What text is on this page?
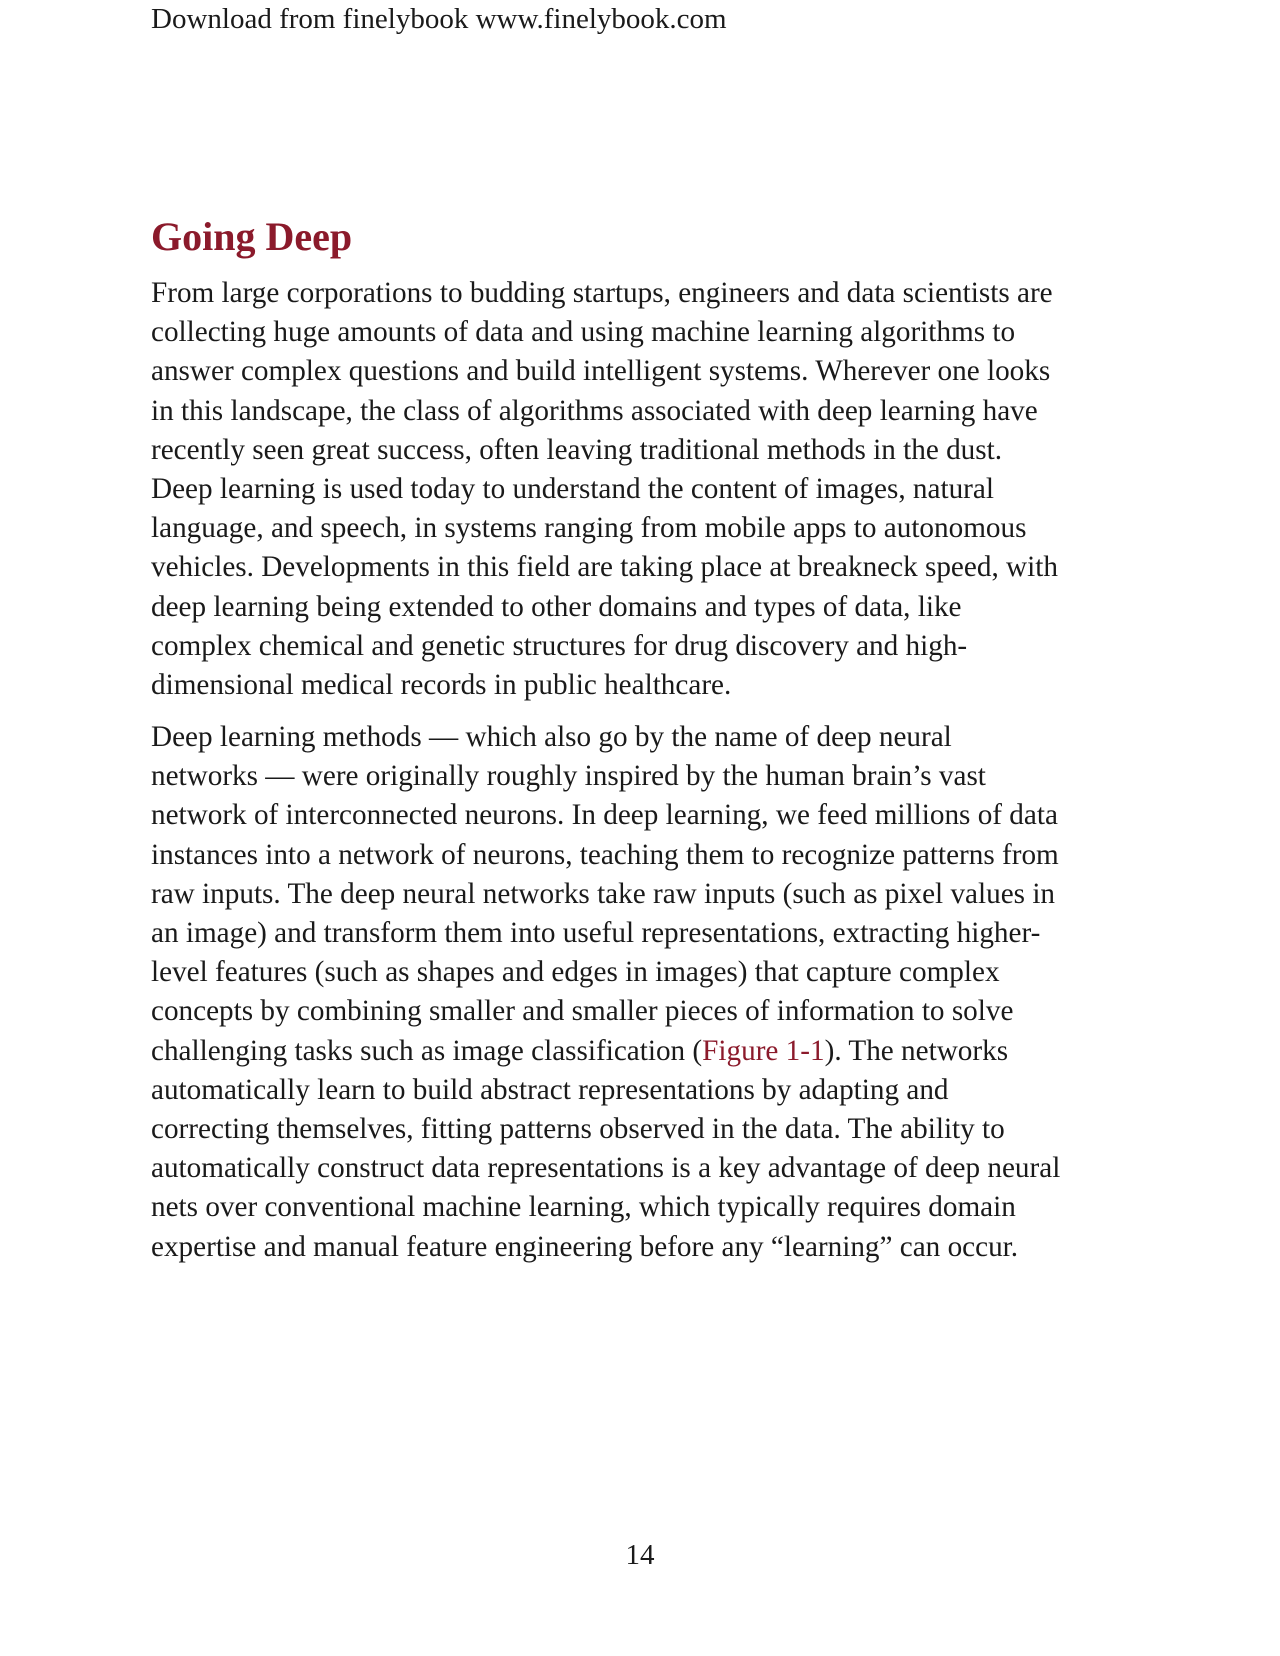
Download from finelybook www.finelybook.com
Going Deep

From large corporations to budding startups, engineers and data scientists are
collecting huge amounts of data and using machine learning algorithms to
answer complex questions and build intelligent systems. Wherever one looks
in this landscape, the class of algorithms associated with deep learning have
recently seen great success, often leaving traditional methods in the dust.
Deep learning is used today to understand the content of images, natural
language, and speech, in systems ranging from mobile apps to autonomous
vehicles. Developments in this field are taking place at breakneck speed, with
deep learning being extended to other domains and types of data, like
complex chemical and genetic structures for drug discovery and high-
dimensional medical records in public healthcare.

Deep learning methods — which also go by the name of deep neural
networks — were originally roughly inspired by the human brain’s vast
network of interconnected neurons. In deep learning, we feed millions of data
instances into a network of neurons, teaching them to recognize patterns from
raw inputs. The deep neural networks take raw inputs (such as pixel values in
an image) and transform them into useful representations, extracting higher-
level features (such as shapes and edges in images) that capture complex
concepts by combining smaller and smaller pieces of information to solve
challenging tasks such as image classification (Figure 1-1). The networks
automatically learn to build abstract representations by adapting and
correcting themselves, fitting patterns observed in the data. The ability to
automatically construct data representations is a key advantage of deep neural
nets over conventional machine learning, which typically requires domain
expertise and manual feature engineering before any “learning” can occur.

14
